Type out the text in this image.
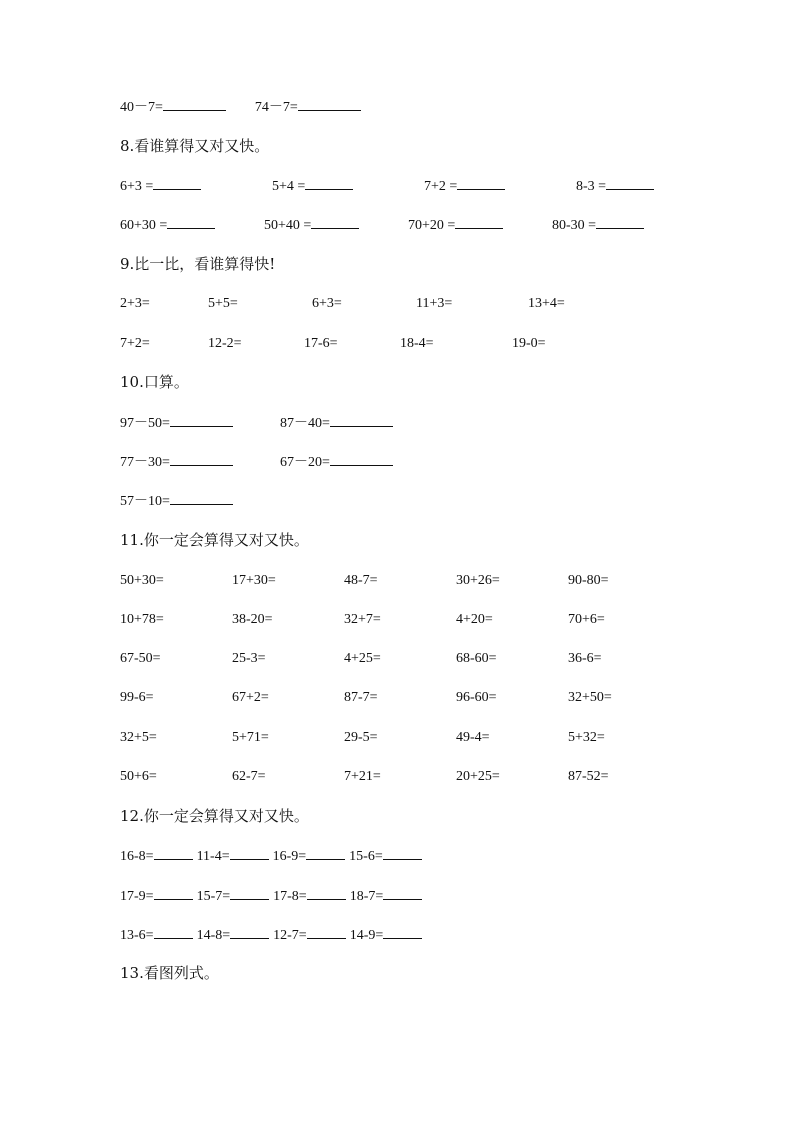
40－7=	74－7=
8.看谁算得又对又快。
6+3 =	5+4 =	7+2 =	8-3 =
60+30 =	50+40 =	70+20 =	80-30 =
9.比一比，看谁算得快!
2+3=	5+5=	6+3=	11+3=	13+4=
7+2=	12-2=	17-6=	18-4=	19-0=
10.口算。
97－50=	87－40=
77－30=	67－20=
57－10=
11.你一定会算得又对又快。
50+30=	17+30=	48-7=	30+26=	90-80=
10+78=	38-20=	32+7=	4+20=	70+6=
67-50=	25-3=	4+25=	68-60=	36-6=
99-6=	67+2=	87-7=	96-60=	32+50=
32+5=	5+71=	29-5=	49-4=	5+32=
50+6=	62-7=	7+21=	20+25=	87-52=
12.你一定会算得又对又快。
16-8=	11-4=	16-9=	15-6=
17-9=	15-7=	17-8=	18-7=
13-6=	14-8=	12-7=	14-9=
13.看图列式。
